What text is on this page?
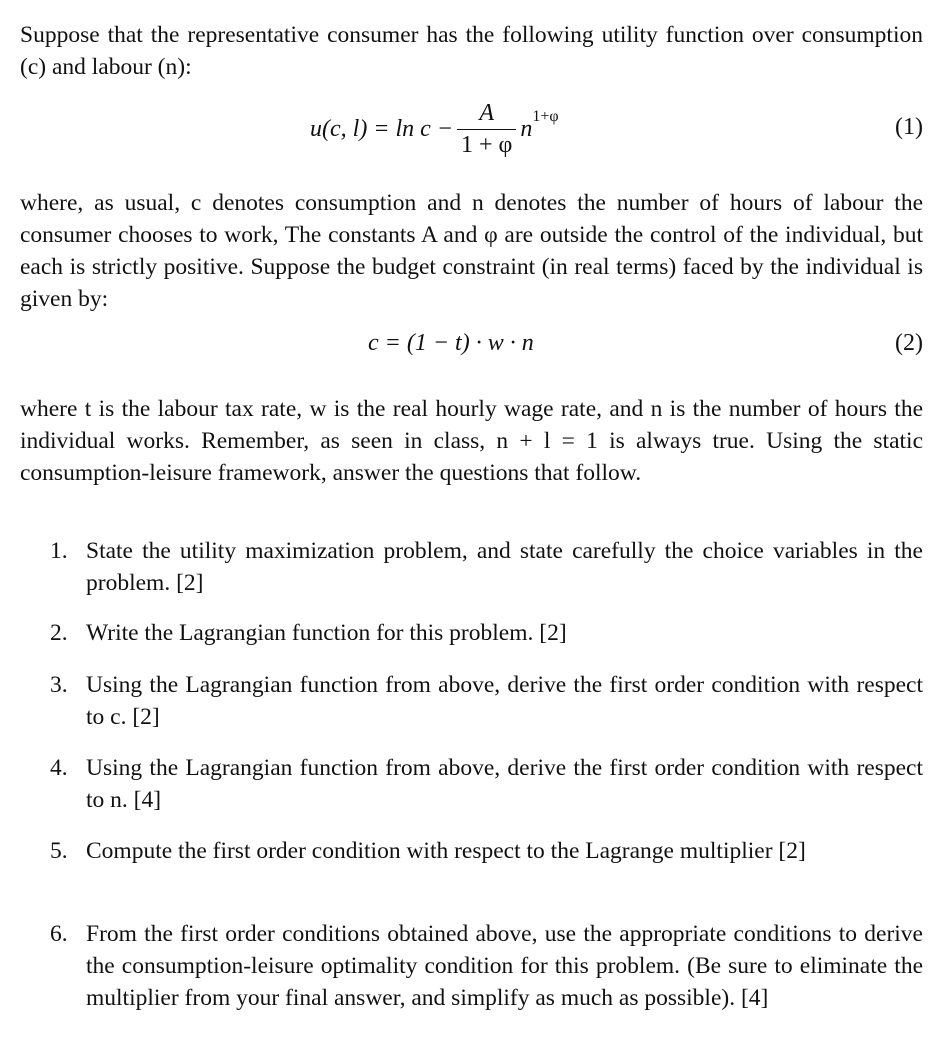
Suppose that the representative consumer has the following utility function over consumption (c) and labour (n):

u(c, $l) = \ln c - \frac{A}{1 + \varphi} n^{1+\varphi}$	(1)

where, as usual, c denotes consumption and n denotes the number of hours of labour the consumer chooses to work, The constants A and φ are outside the control of the individual, but each is strictly positive. Suppose the budget constraint (in real terms) faced by the individual is given by:

c = (1 − t) · w · n	(2)

where t is the labour tax rate, w is the real hourly wage rate, and n is the number of hours the individual works. Remember, as seen in class, n + l = 1 is always true. Using the static consumption-leisure framework, answer the questions that follow.

1. State the utility maximization problem, and state carefully the choice variables in the problem. [2]
2. Write the Lagrangian function for this problem. [2]
3. Using the Lagrangian function from above, derive the first order condition with respect to c. [2]
4. Using the Lagrangian function from above, derive the first order condition with respect to n. [4]
5. Compute the first order condition with respect to the Lagrange multiplier [2]
6. From the first order conditions obtained above, use the appropriate conditions to derive the consumption-leisure optimality condition for this problem. (Be sure to eliminate the multiplier from your final answer, and simplify as much as possible). [4]
